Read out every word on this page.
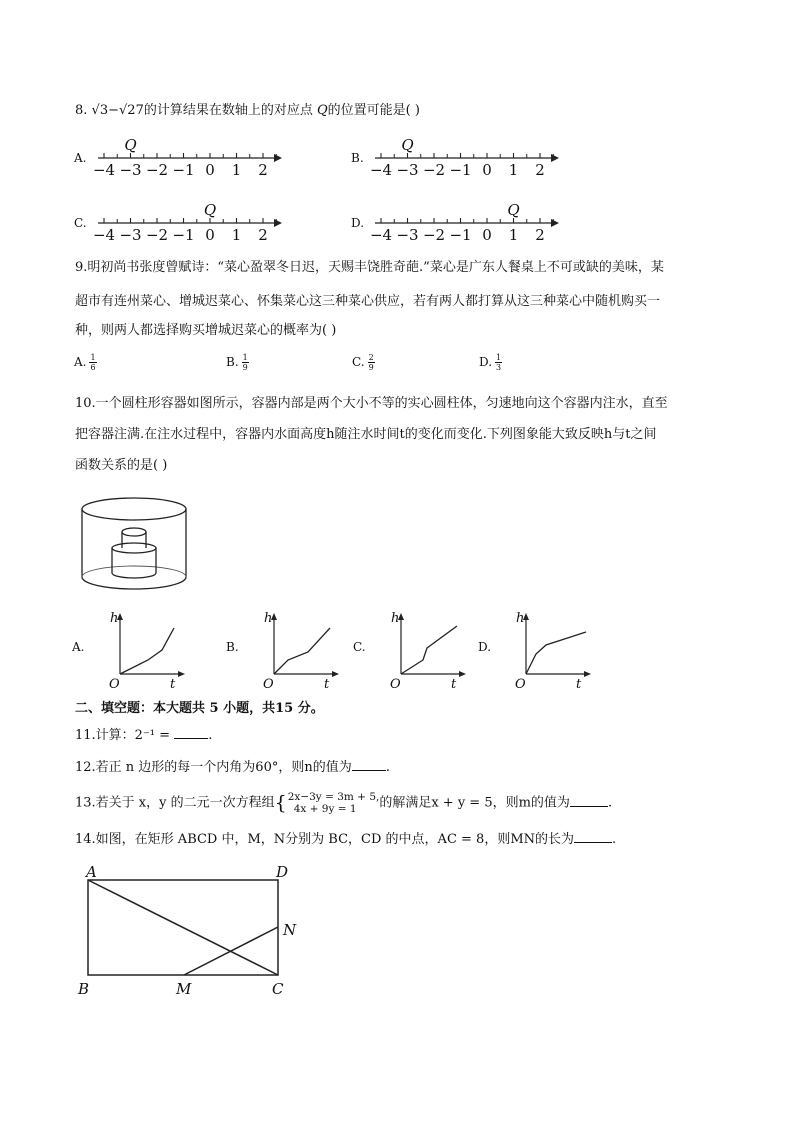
8. √3−√27的计算结果在数轴上的对应点 Q的位置可能是( )
A.
−4 −3 −2 −1 0 1 2
Q
B.
−4 −3 −2 −1 0 1 2
Q
C.
−4 −3 −2 −1 0 1 2
Q
D.
−4 −3 −2 −1 0 1 2
Q
9.明初尚书张度曾赋诗：“菜心盈翠冬日迟，天赐丰饶胜奇葩.”菜心是广东人餐桌上不可或缺的美味，某
超市有连州菜心、增城迟菜心、怀集菜心这三种菜心供应，若有两人都打算从这三种菜心中随机购买一
种，则两人都选择购买增城迟菜心的概率为( )
A. $\frac{1}{6}$	B. $\frac{1}{9}$	C. $\frac{2}{9}$	D. $\frac{1}{3}$
10.一个圆柱形容器如图所示，容器内部是两个大小不等的实心圆柱体，匀速地向这个容器内注水，直至
把容器注满.在注水过程中，容器内水面高度h随注水时间t的变化而变化.下列图象能大致反映h与t之间
函数关系的是( )
A.
h
t
O
B.
h
t
O
C.
h
t
O
D.
h
t
O
二、填空题：本大题共 5 小题，共15 分。
11.计算：2⁻¹ =	.
12.若正 n 边形的每一个内角为60°，则n的值为	.
13.若关于 x，y 的二元一次方程组{ 2x−3y = 3m + 5,
4x + 9y = 1	的解满足x + y = 5，则m的值为	.
14.如图，在矩形 ABCD 中，M，N分别为 BC，CD 的中点，AC = 8，则MN的长为	.
A	D
B	C
M
N
